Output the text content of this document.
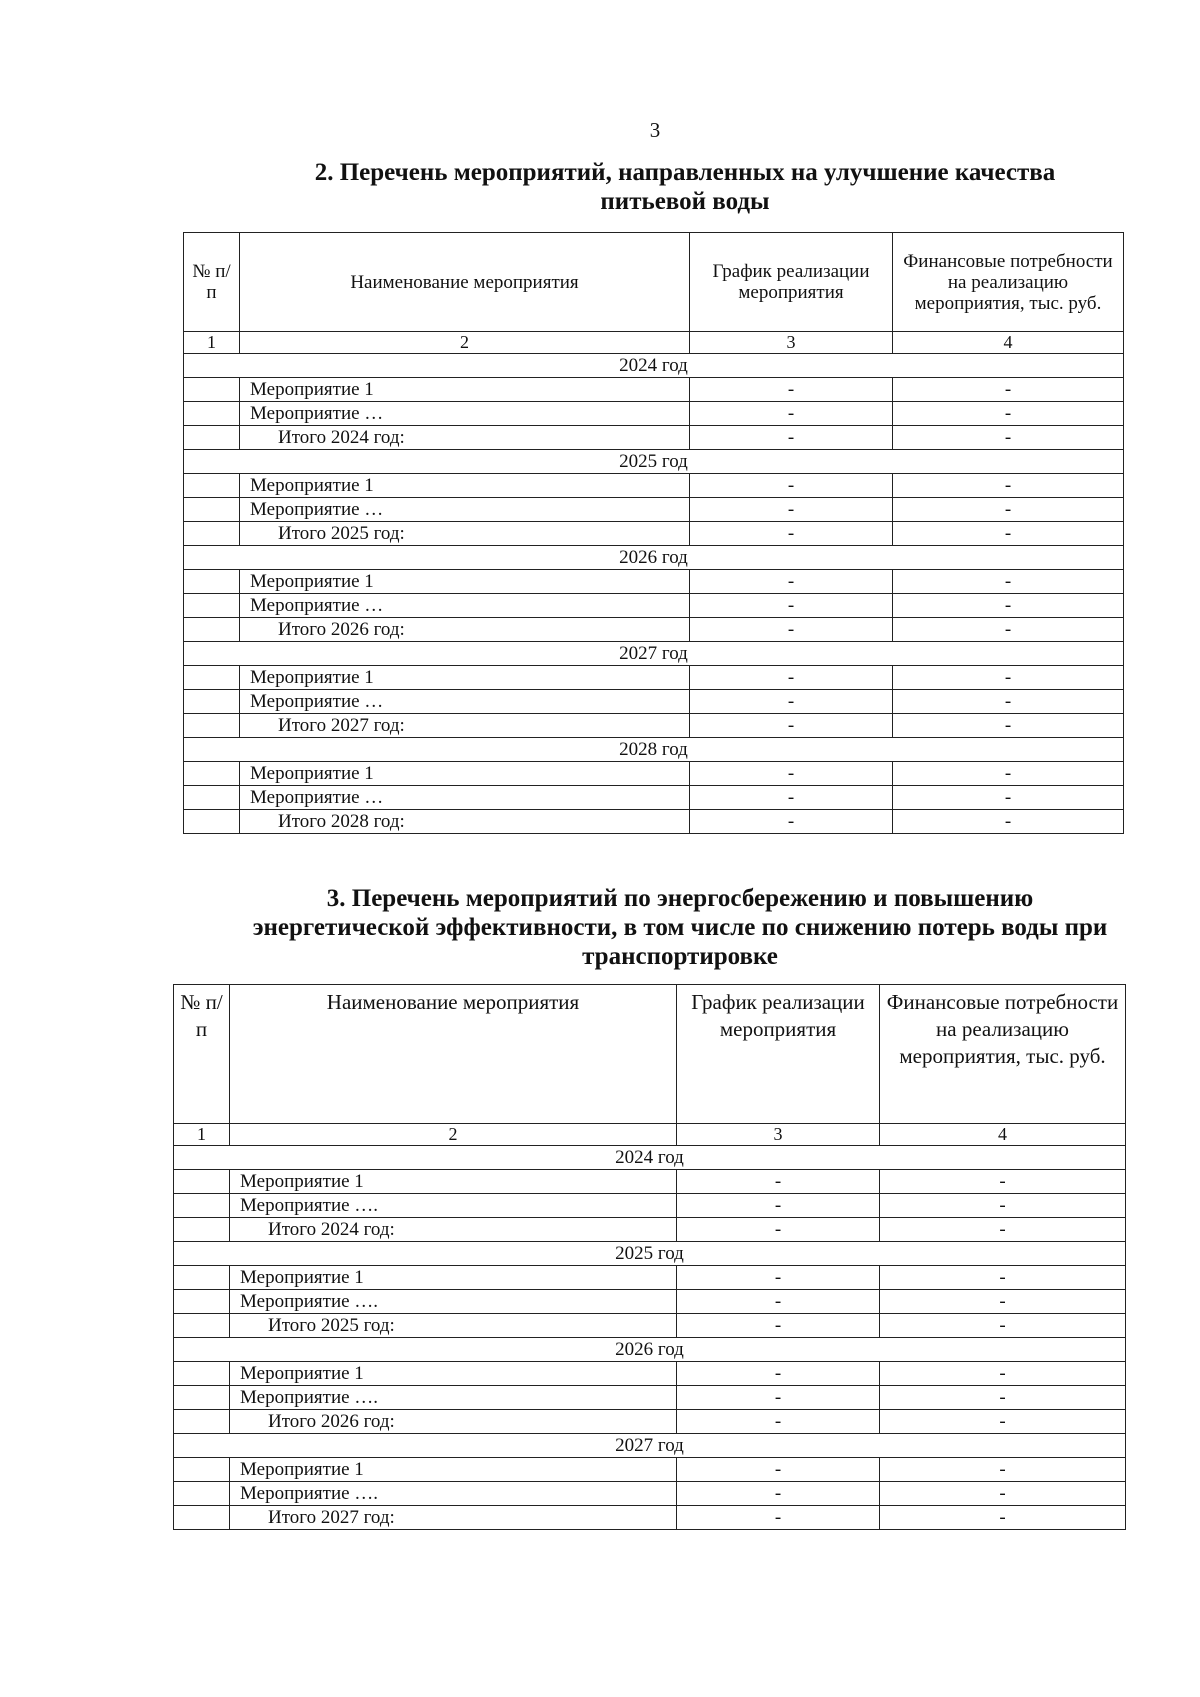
3
2. Перечень мероприятий, направленных на улучшение качества питьевой воды
№ п/п	Наименование мероприятия	График реализации мероприятия	Финансовые потребности на реализацию мероприятия, тыс. руб.
1	2	3	4
2024 год			
	Мероприятие 1	-	-
	Мероприятие …	-	-
	Итого 2024 год:	-	-
2025 год			
	Мероприятие 1	-	-
	Мероприятие …	-	-
	Итого 2025 год:	-	-
2026 год			
	Мероприятие 1	-	-
	Мероприятие …	-	-
	Итого 2026 год:	-	-
2027 год			
	Мероприятие 1	-	-
	Мероприятие …	-	-
	Итого 2027 год:	-	-
2028 год			
	Мероприятие 1	-	-
	Мероприятие …	-	-
	Итого 2028 год:	-	-
3. Перечень мероприятий по энергосбережению и повышению энергетической эффективности, в том числе по снижению потерь воды при транспортировке
№ п/п	Наименование мероприятия	График реализации мероприятия	Финансовые потребности на реализацию мероприятия, тыс. руб.
1	2	3	4
2024 год			
	Мероприятие 1	-	-
	Мероприятие ….	-	-
	Итого 2024 год:	-	-
2025 год			
	Мероприятие 1	-	-
	Мероприятие ….	-	-
	Итого 2025 год:	-	-
2026 год			
	Мероприятие 1	-	-
	Мероприятие ….	-	-
	Итого 2026 год:	-	-
2027 год			
	Мероприятие 1	-	-
	Мероприятие ….	-	-
	Итого 2027 год:	-	-
